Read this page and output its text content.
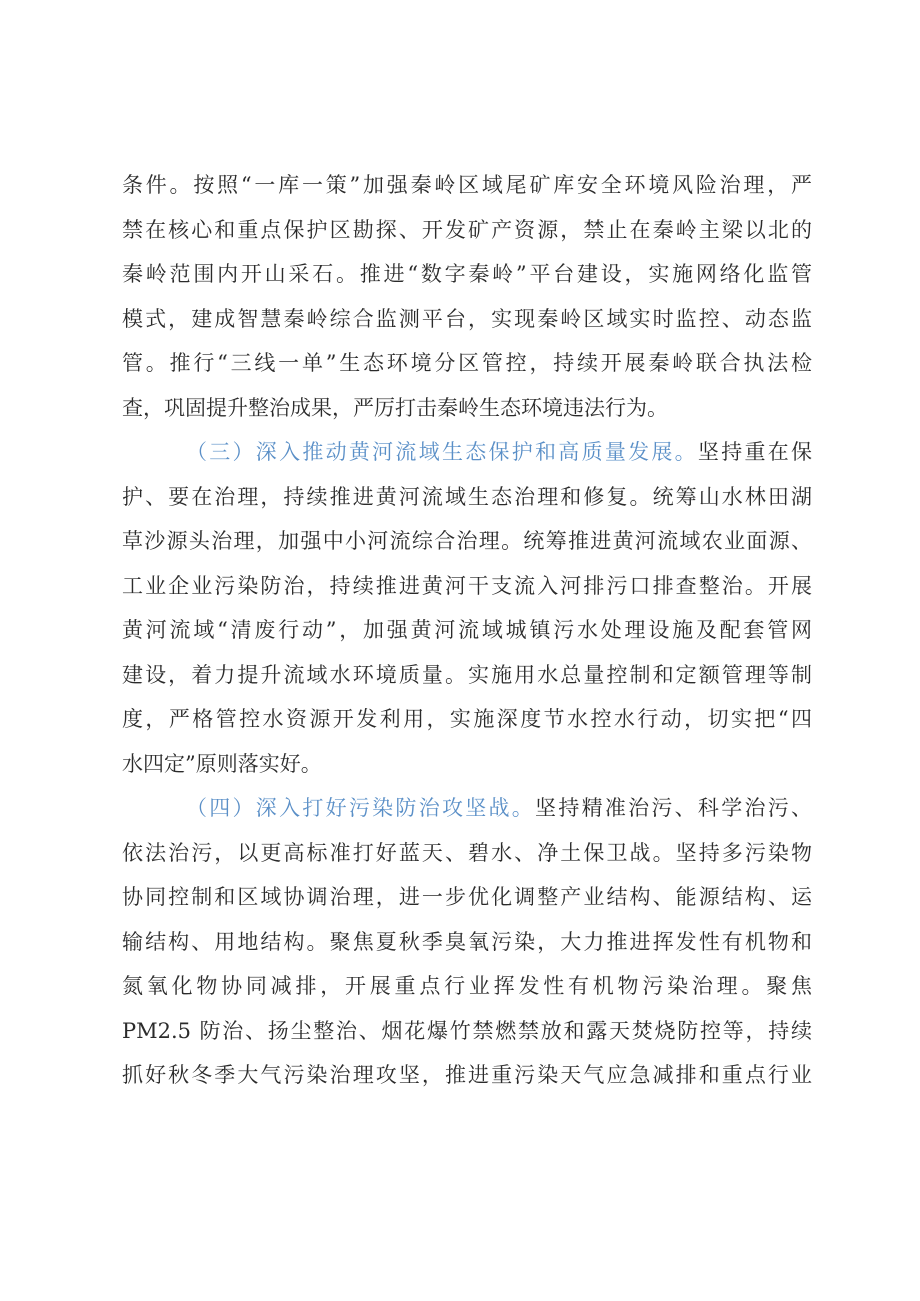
条件。按照“一库一策”加强秦岭区域尾矿库安全环境风险治理，严
禁在核心和重点保护区勘探、开发矿产资源，禁止在秦岭主梁以北的
秦岭范围内开山采石。推进“数字秦岭”平台建设，实施网络化监管
模式，建成智慧秦岭综合监测平台，实现秦岭区域实时监控、动态监
管。推行“三线一单”生态环境分区管控，持续开展秦岭联合执法检
查，巩固提升整治成果，严厉打击秦岭生态环境违法行为。
（三）深入推动黄河流域生态保护和高质量发展。坚持重在保
护、要在治理，持续推进黄河流域生态治理和修复。统筹山水林田湖
草沙源头治理，加强中小河流综合治理。统筹推进黄河流域农业面源、
工业企业污染防治，持续推进黄河干支流入河排污口排查整治。开展
黄河流域“清废行动”，加强黄河流域城镇污水处理设施及配套管网
建设，着力提升流域水环境质量。实施用水总量控制和定额管理等制
度，严格管控水资源开发利用，实施深度节水控水行动，切实把“四
水四定”原则落实好。
（四）深入打好污染防治攻坚战。坚持精准治污、科学治污、
依法治污，以更高标准打好蓝天、碧水、净土保卫战。坚持多污染物
协同控制和区域协调治理，进一步优化调整产业结构、能源结构、运
输结构、用地结构。聚焦夏秋季臭氧污染，大力推进挥发性有机物和
氮氧化物协同减排，开展重点行业挥发性有机物污染治理。聚焦
PM2.5 防治、扬尘整治、烟花爆竹禁燃禁放和露天焚烧防控等，持续
抓好秋冬季大气污染治理攻坚，推进重污染天气应急减排和重点行业
